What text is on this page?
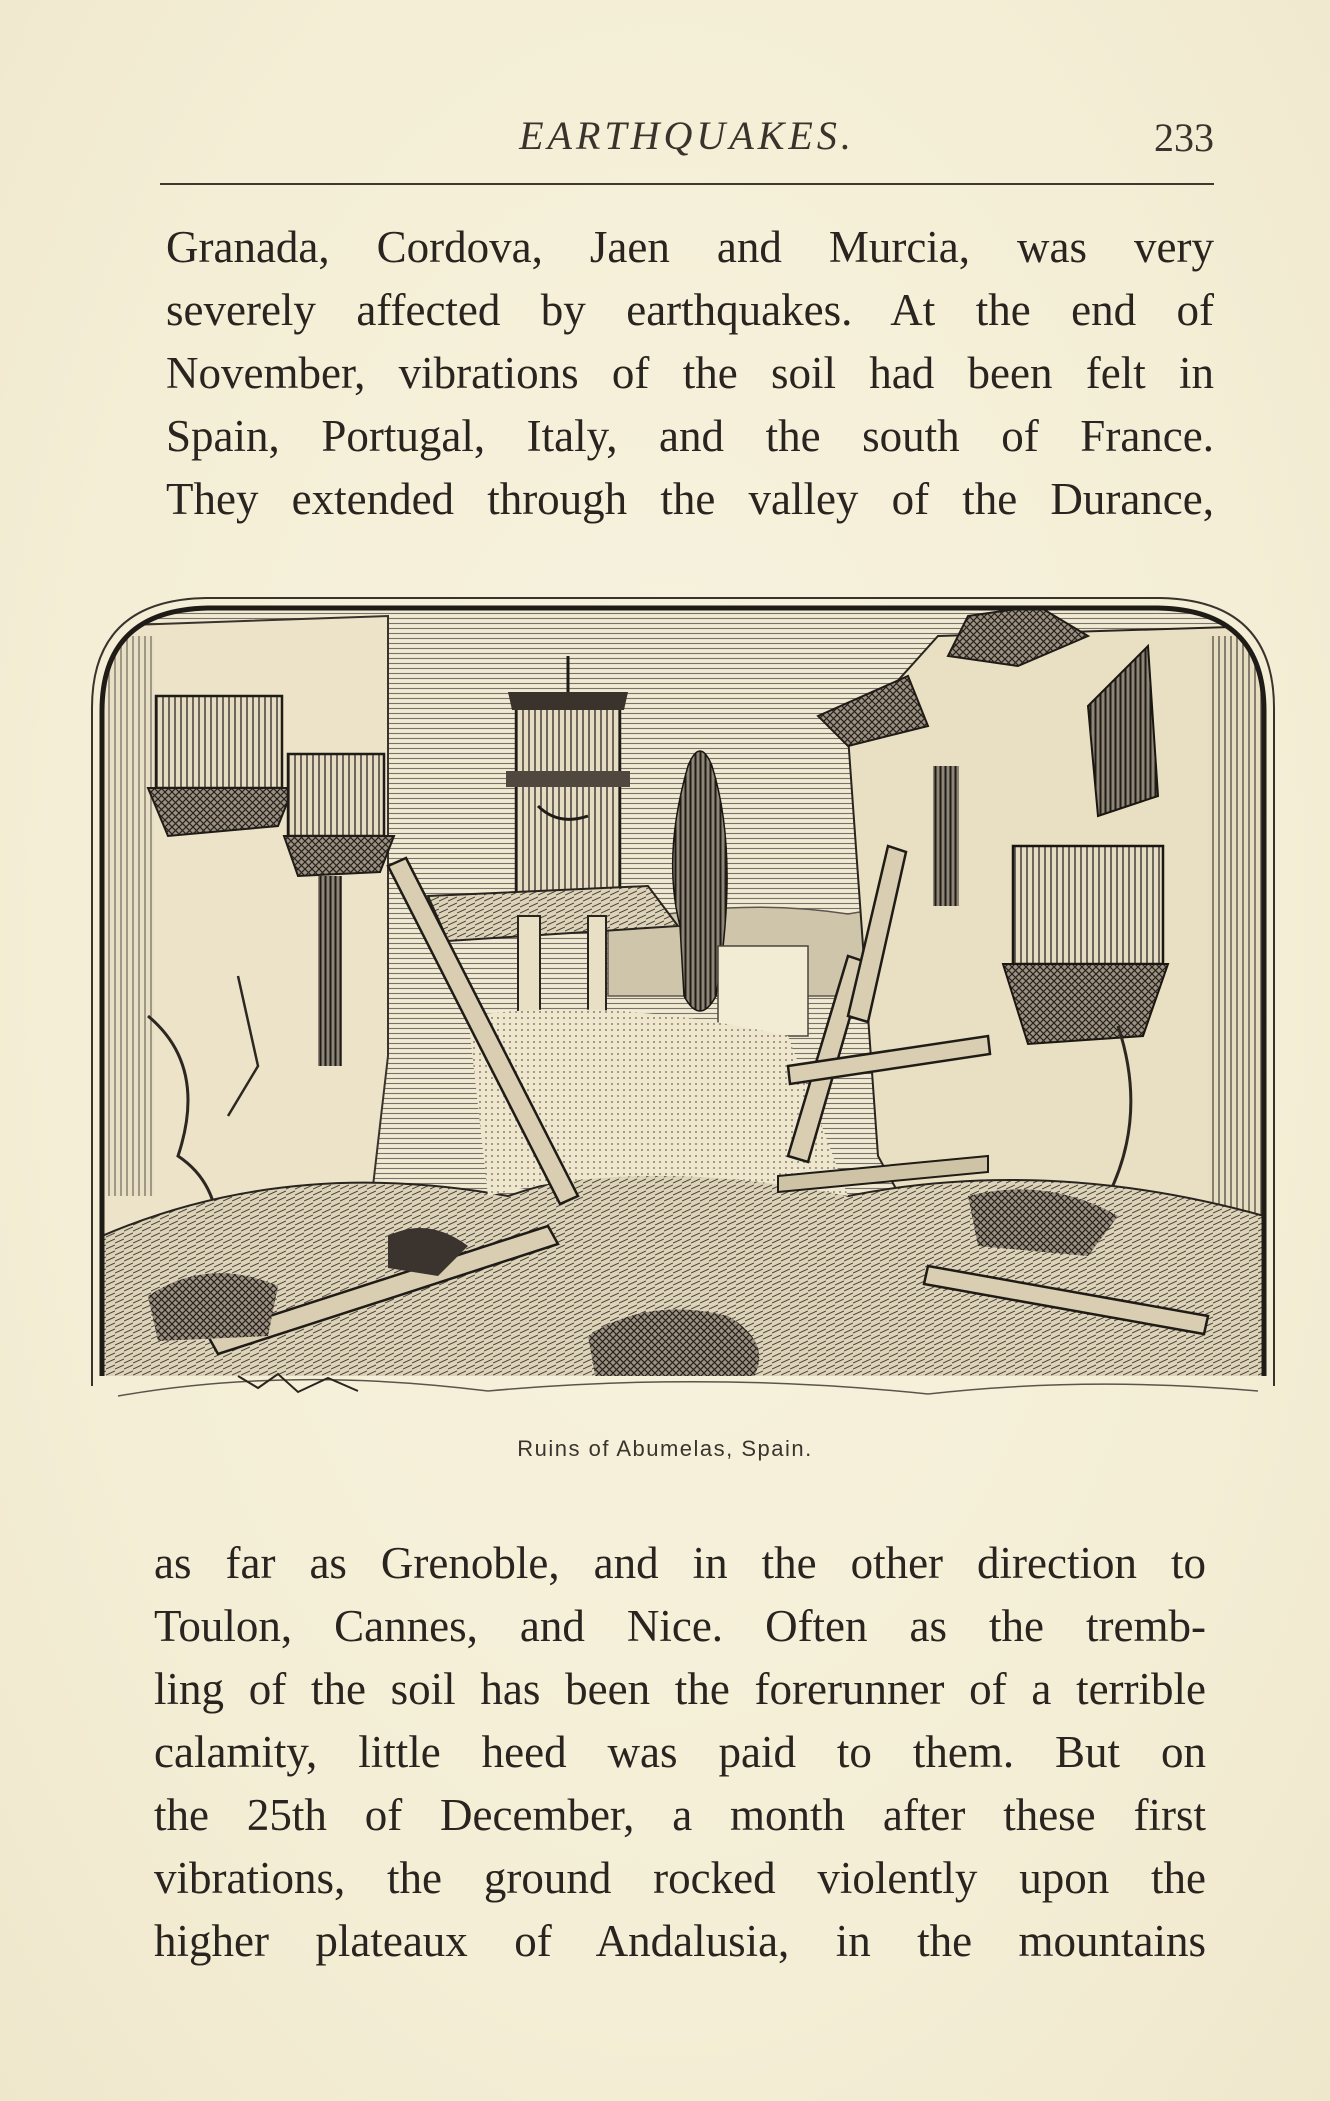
EARTHQUAKES.	233
Granada, Cordova, Jaen and Murcia, was very
severely affected by earthquakes. At the end of
November, vibrations of the soil had been felt in
Spain, Portugal, Italy, and the south of France.
They extended through the valley of the Durance,
Ruins of Abumelas, Spain.
as far as Grenoble, and in the other direction to
Toulon, Cannes, and Nice. Often as the tremb-
ling of the soil has been the forerunner of a terrible
calamity, little heed was paid to them. But on
the 25th of December, a month after these first
vibrations, the ground rocked violently upon the
higher plateaux of Andalusia, in the mountains
